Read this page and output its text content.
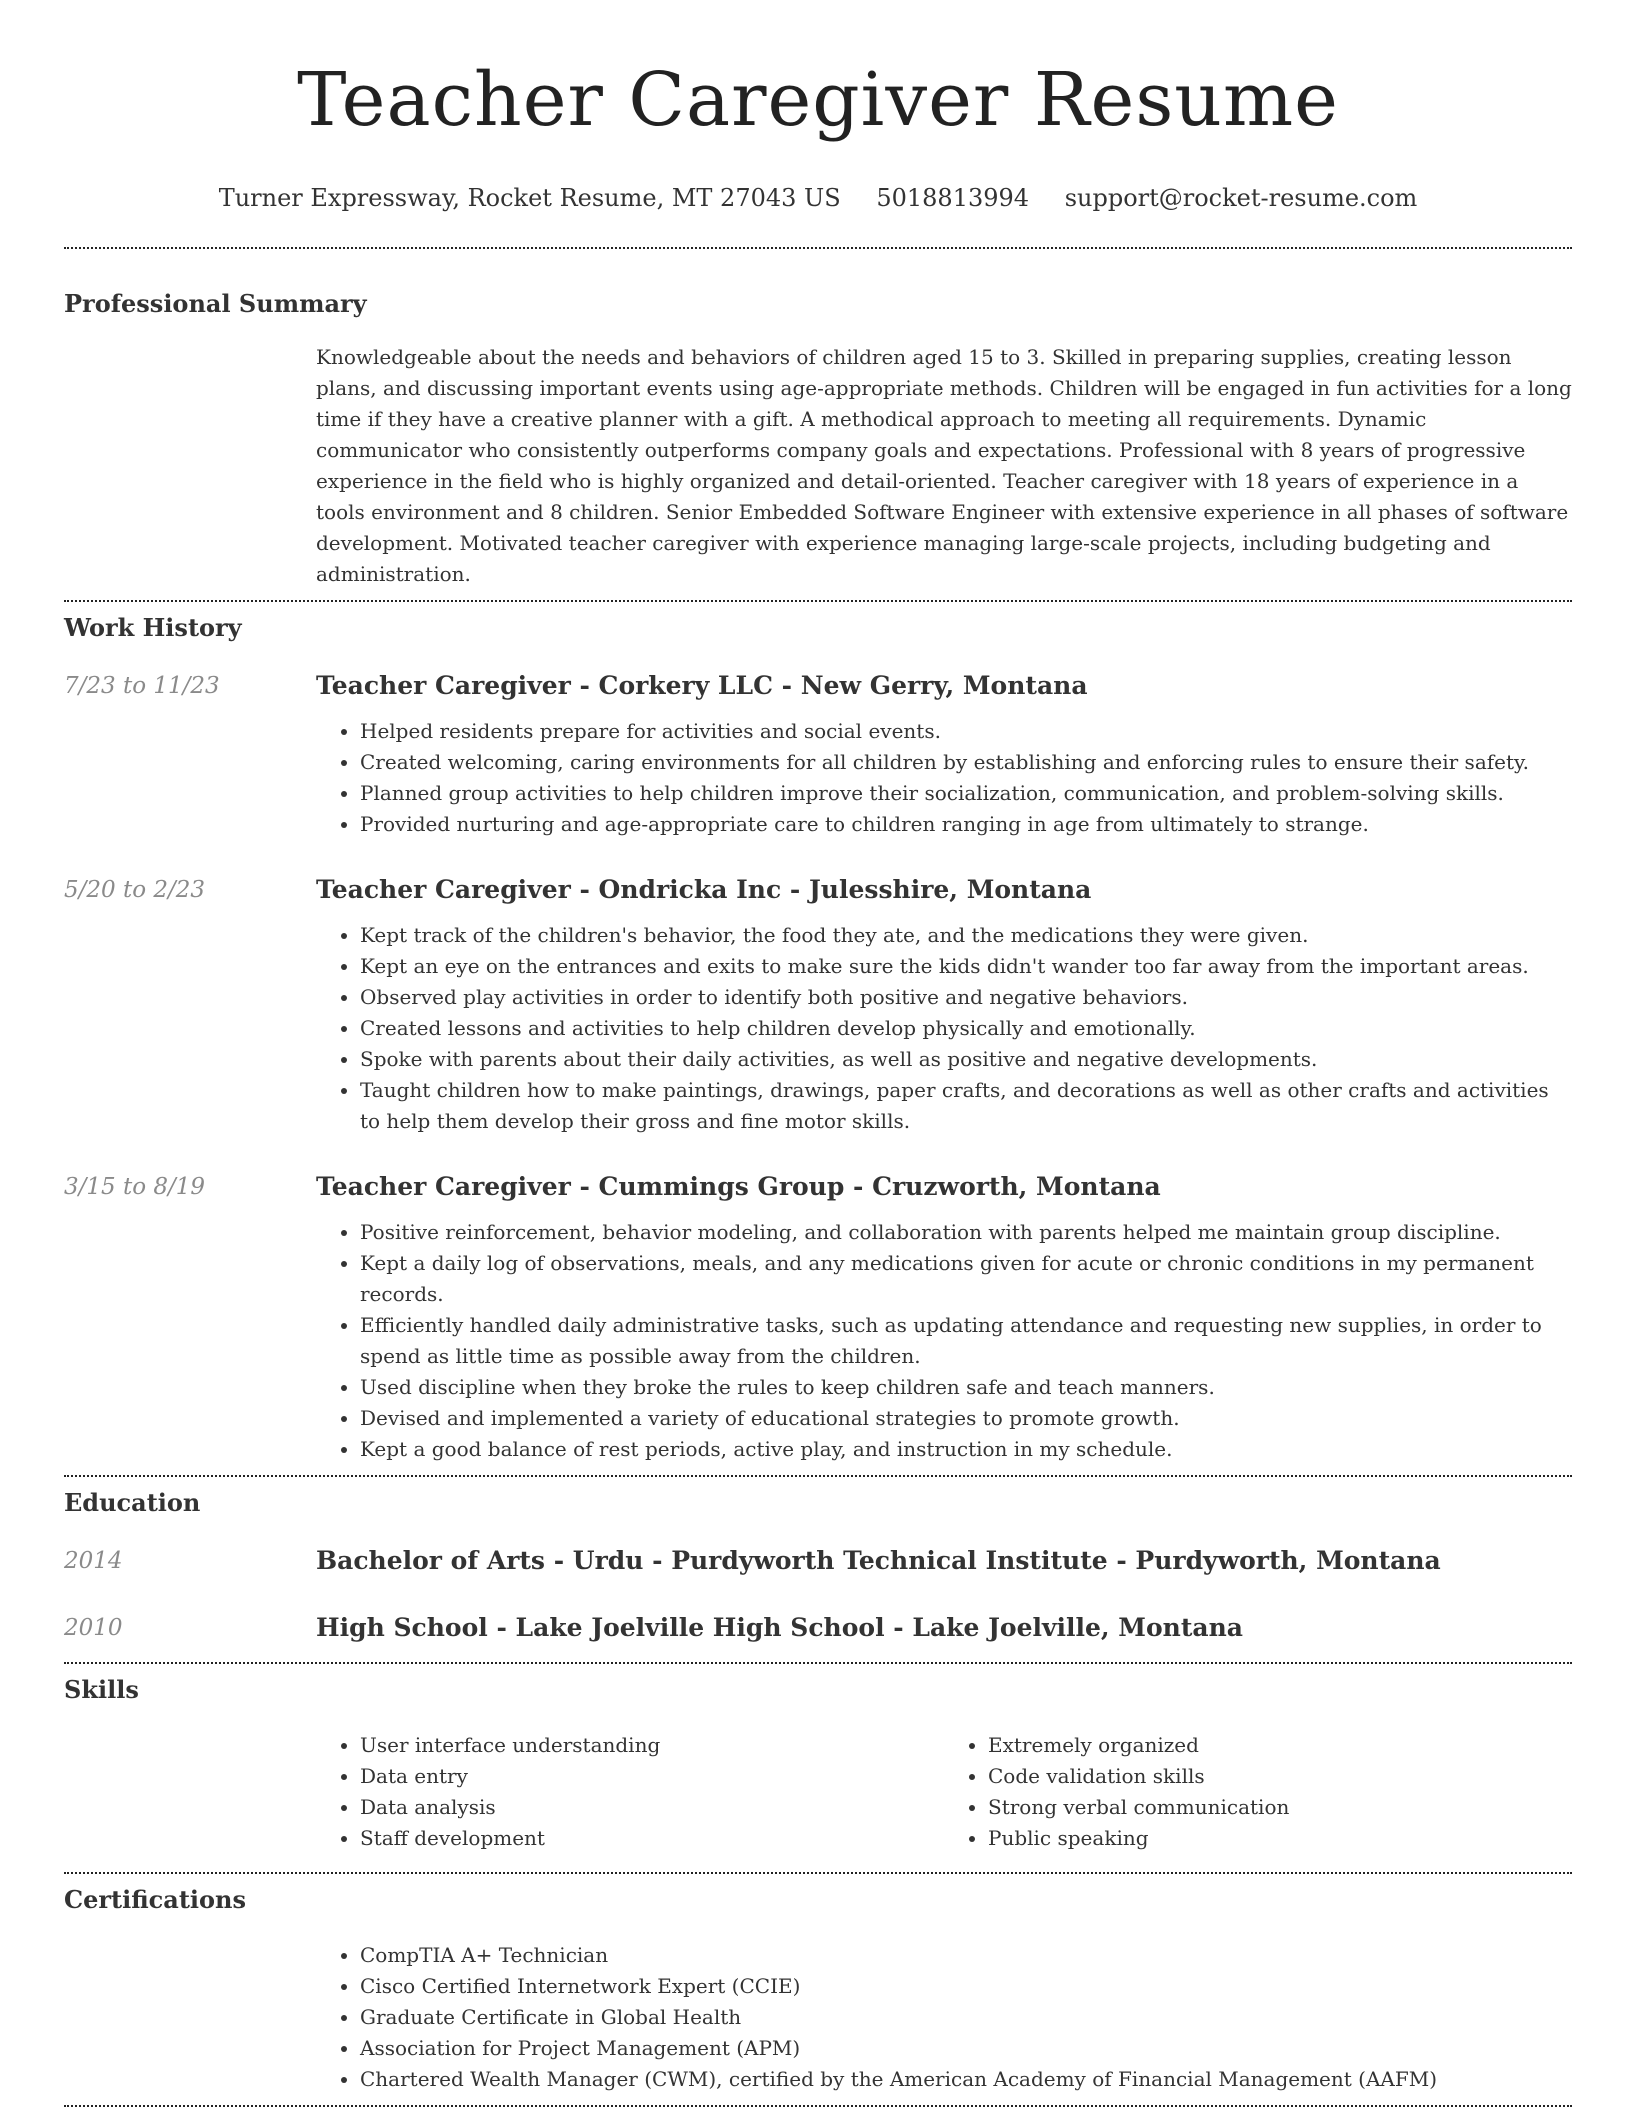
Teacher Caregiver Resume
Turner Expressway, Rocket Resume, MT 27043 US 5018813994 support@rocket-resume.com
Professional Summary

Knowledgeable about the needs and behaviors of children aged 15 to 3. Skilled in preparing supplies, creating lesson plans, and discussing important events using age-appropriate methods. Children will be engaged in fun activities for a long time if they have a creative planner with a gift. A methodical approach to meeting all requirements. Dynamic communicator who consistently outperforms company goals and expectations. Professional with 8 years of progressive experience in the field who is highly organized and detail-oriented. Teacher caregiver with 18 years of experience in a tools environment and 8 children. Senior Embedded Software Engineer with extensive experience in all phases of software development. Motivated teacher caregiver with experience managing large-scale projects, including budgeting and administration.

Work History
7/23 to 11/23	Teacher Caregiver - Corkery LLC - New Gerry, Montana
• Helped residents prepare for activities and social events.
• Created welcoming, caring environments for all children by establishing and enforcing rules to ensure their safety.
• Planned group activities to help children improve their socialization, communication, and problem-solving skills.
• Provided nurturing and age-appropriate care to children ranging in age from ultimately to strange.
5/20 to 2/23	Teacher Caregiver - Ondricka Inc - Julesshire, Montana
• Kept track of the children's behavior, the food they ate, and the medications they were given.
• Kept an eye on the entrances and exits to make sure the kids didn't wander too far away from the important areas.
• Observed play activities in order to identify both positive and negative behaviors.
• Created lessons and activities to help children develop physically and emotionally.
• Spoke with parents about their daily activities, as well as positive and negative developments.
• Taught children how to make paintings, drawings, paper crafts, and decorations as well as other crafts and activities to help them develop their gross and fine motor skills.
3/15 to 8/19	Teacher Caregiver - Cummings Group - Cruzworth, Montana
• Positive reinforcement, behavior modeling, and collaboration with parents helped me maintain group discipline.
• Kept a daily log of observations, meals, and any medications given for acute or chronic conditions in my permanent records.
• Efficiently handled daily administrative tasks, such as updating attendance and requesting new supplies, in order to spend as little time as possible away from the children.
• Used discipline when they broke the rules to keep children safe and teach manners.
• Devised and implemented a variety of educational strategies to promote growth.
• Kept a good balance of rest periods, active play, and instruction in my schedule.
Education
2014	Bachelor of Arts - Urdu - Purdyworth Technical Institute - Purdyworth, Montana
2010	High School - Lake Joelville High School - Lake Joelville, Montana
Skills
• User interface understanding
• Data entry
• Data analysis
• Staff development
• Extremely organized
• Code validation skills
• Strong verbal communication
• Public speaking
Certifications
• CompTIA A+ Technician
• Cisco Certified Internetwork Expert (CCIE)
• Graduate Certificate in Global Health
• Association for Project Management (APM)
• Chartered Wealth Manager (CWM), certified by the American Academy of Financial Management (AAFM)
